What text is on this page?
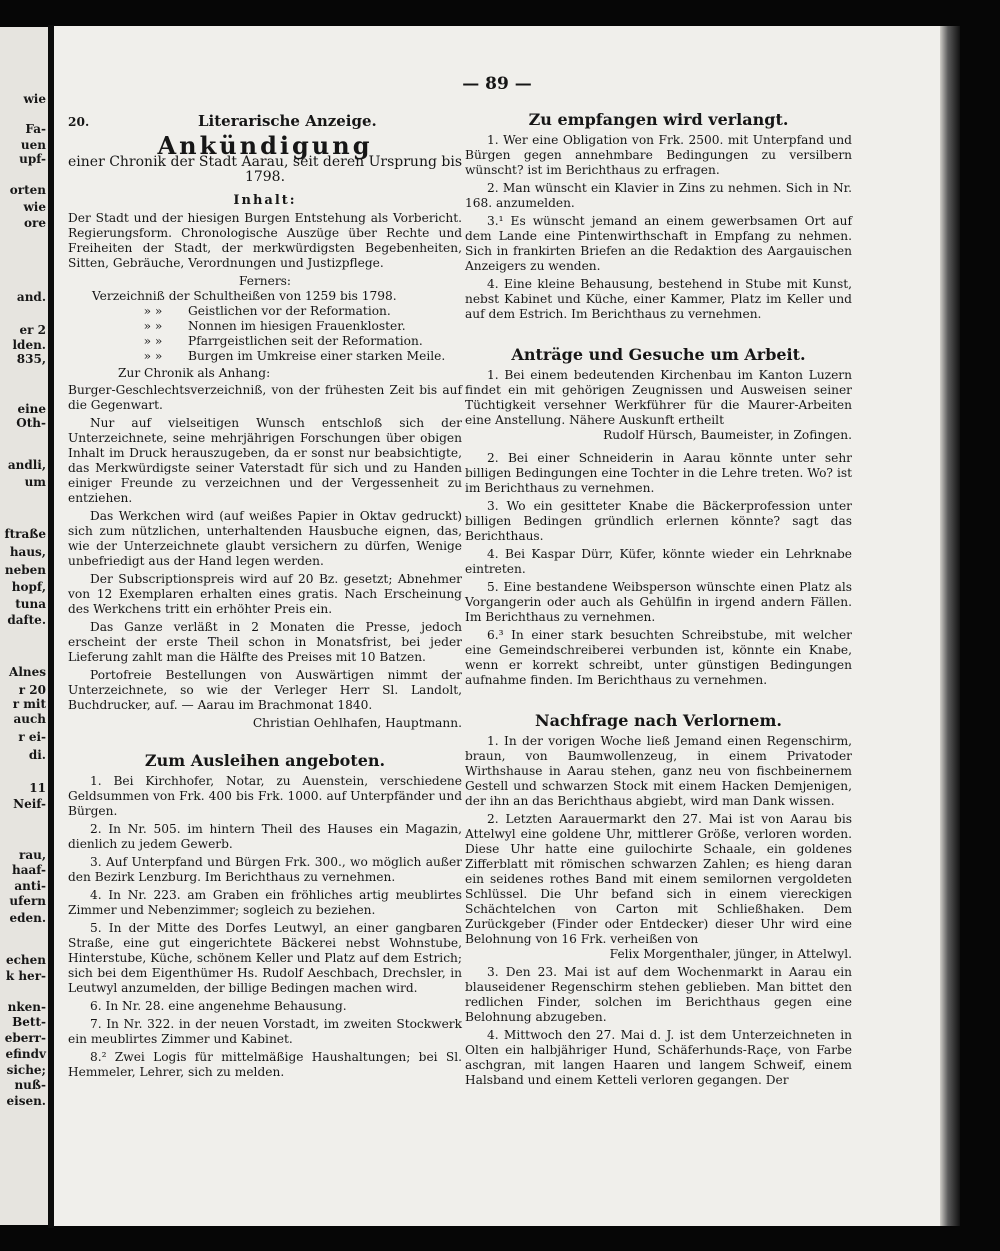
wie
Fa-
uen
upf-
orten
wie
ore
and.
er 2
lden.
835,
eine
Oth-
andli,
um
ftraße
haus,
neben
hopf,
tuna
dafte.
Alnes
r 20
r mit
auch
r ei-
di.
11
Neif-
rau,
haaf-
anti-
ufern
eden.
echen
k her-
nken-
Bett-
eberr-
efindv
siche;
nuß-
eisen.
— 89 —
20.	Literarische Anzeige.
Ankündigung
einer Chronik der Stadt Aarau, seit deren Ursprung bis 1798.
Inhalt:

Der Stadt und der hiesigen Burgen Entstehung als Vorbericht. Regierungsform. Chronologische Auszüge über Rechte und Freiheiten der Stadt, der merkwürdigsten Begebenheiten, Sitten, Gebräuche, Verordnungen und Justizpflege.

Ferners:
Verzeichniß der Schultheißen von 1259 bis 1798.
» » Geistlichen vor der Reformation.
» » Nonnen im hiesigen Frauenkloster.
» » Pfarrgeistlichen seit der Reformation.
» » Burgen im Umkreise einer starken Meile.
Zur Chronik als Anhang:

Burger-Geschlechtsverzeichniß, von der frühesten Zeit bis auf die Gegenwart.

Nur auf vielseitigen Wunsch entschloß sich der Unterzeichnete, seine mehrjährigen Forschungen über obigen Inhalt im Druck herauszugeben, da er sonst nur beabsichtigte, das Merkwürdigste seiner Vaterstadt für sich und zu Handen einiger Freunde zu verzeichnen und der Vergessenheit zu entziehen.

Das Werkchen wird (auf weißes Papier in Oktav gedruckt) sich zum nützlichen, unterhaltenden Hausbuche eignen, das, wie der Unterzeichnete glaubt versichern zu dürfen, Wenige unbefriedigt aus der Hand legen werden.

Der Subscriptionspreis wird auf 20 Bz. gesetzt; Abnehmer von 12 Exemplaren erhalten eines gratis. Nach Erscheinung des Werkchens tritt ein erhöhter Preis ein.

Das Ganze verläßt in 2 Monaten die Presse, jedoch erscheint der erste Theil schon in Monatsfrist, bei jeder Lieferung zahlt man die Hälfte des Preises mit 10 Batzen.

Portofreie Bestellungen von Auswärtigen nimmt der Unterzeichnete, so wie der Verleger Herr Sl. Landolt, Buchdrucker, auf. — Aarau im Brachmonat 1840.

Christian Oehlhafen, Hauptmann.
Zum Ausleihen angeboten.

1. Bei Kirchhofer, Notar, zu Auenstein, verschiedene Geldsummen von Frk. 400 bis Frk. 1000. auf Unterpfänder und Bürgen.

2. In Nr. 505. im hintern Theil des Hauses ein Magazin, dienlich zu jedem Gewerb.

3. Auf Unterpfand und Bürgen Frk. 300., wo möglich außer den Bezirk Lenzburg. Im Berichthaus zu vernehmen.

4. In Nr. 223. am Graben ein fröhliches artig meublirtes Zimmer und Nebenzimmer; sogleich zu beziehen.

5. In der Mitte des Dorfes Leutwyl, an einer gangbaren Straße, eine gut eingerichtete Bäckerei nebst Wohnstube, Hinterstube, Küche, schönem Keller und Platz auf dem Estrich; sich bei dem Eigenthümer Hs. Rudolf Aeschbach, Drechsler, in Leutwyl anzumelden, der billige Bedingen machen wird.

6. In Nr. 28. eine angenehme Behausung.

7. In Nr. 322. in der neuen Vorstadt, im zweiten Stockwerk ein meublirtes Zimmer und Kabinet.

8.² Zwei Logis für mittelmäßige Haushaltungen; bei Sl. Hemmeler, Lehrer, sich zu melden.

Zu empfangen wird verlangt.

1. Wer eine Obligation von Frk. 2500. mit Unterpfand und Bürgen gegen annehmbare Bedingungen zu versilbern wünscht? ist im Berichthaus zu erfragen.

2. Man wünscht ein Klavier in Zins zu nehmen. Sich in Nr. 168. anzumelden.

3.¹ Es wünscht jemand an einem gewerbsamen Ort auf dem Lande eine Pintenwirthschaft in Empfang zu nehmen. Sich in frankirten Briefen an die Redaktion des Aargauischen Anzeigers zu wenden.

4. Eine kleine Behausung, bestehend in Stube mit Kunst, nebst Kabinet und Küche, einer Kammer, Platz im Keller und auf dem Estrich. Im Berichthaus zu vernehmen.

Anträge und Gesuche um Arbeit.

1. Bei einem bedeutenden Kirchenbau im Kanton Luzern findet ein mit gehörigen Zeugnissen und Ausweisen seiner Tüchtigkeit versehner Werkführer für die Maurer-Arbeiten eine Anstellung. Nähere Auskunft ertheilt

Rudolf Hürsch, Baumeister, in Zofingen.

2. Bei einer Schneiderin in Aarau könnte unter sehr billigen Bedingungen eine Tochter in die Lehre treten. Wo? ist im Berichthaus zu vernehmen.

3. Wo ein gesitteter Knabe die Bäckerprofession unter billigen Bedingen gründlich erlernen könnte? sagt das Berichthaus.

4. Bei Kaspar Dürr, Küfer, könnte wieder ein Lehrknabe eintreten.

5. Eine bestandene Weibsperson wünschte einen Platz als Vorgangerin oder auch als Gehülfin in irgend andern Fällen. Im Berichthaus zu vernehmen.

6.³ In einer stark besuchten Schreibstube, mit welcher eine Gemeindschreiberei verbunden ist, könnte ein Knabe, wenn er korrekt schreibt, unter günstigen Bedingungen aufnahme finden. Im Berichthaus zu vernehmen.

Nachfrage nach Verlornem.

1. In der vorigen Woche ließ Jemand einen Regenschirm, braun, von Baumwollenzeug, in einem Privatoder Wirthshause in Aarau stehen, ganz neu von fischbeinernem Gestell und schwarzen Stock mit einem Hacken Demjenigen, der ihn an das Berichthaus abgiebt, wird man Dank wissen.

2. Letzten Aarauermarkt den 27. Mai ist von Aarau bis Attelwyl eine goldene Uhr, mittlerer Größe, verloren worden. Diese Uhr hatte eine guilochirte Schaale, ein goldenes Zifferblatt mit römischen schwarzen Zahlen; es hieng daran ein seidenes rothes Band mit einem semilornen vergoldeten Schlüssel. Die Uhr befand sich in einem viereckigen Schächtelchen von Carton mit Schließhaken. Dem Zurückgeber (Finder oder Entdecker) dieser Uhr wird eine Belohnung von 16 Frk. verheißen von

Felix Morgenthaler, jünger, in Attelwyl.

3. Den 23. Mai ist auf dem Wochenmarkt in Aarau ein blauseidener Regenschirm stehen geblieben. Man bittet den redlichen Finder, solchen im Berichthaus gegen eine Belohnung abzugeben.

4. Mittwoch den 27. Mai d. J. ist dem Unterzeichneten in Olten ein halbjähriger Hund, Schäferhunds-Raçe, von Farbe aschgran, mit langen Haaren und langem Schweif, einem Halsband und einem Ketteli verloren gegangen. Der
